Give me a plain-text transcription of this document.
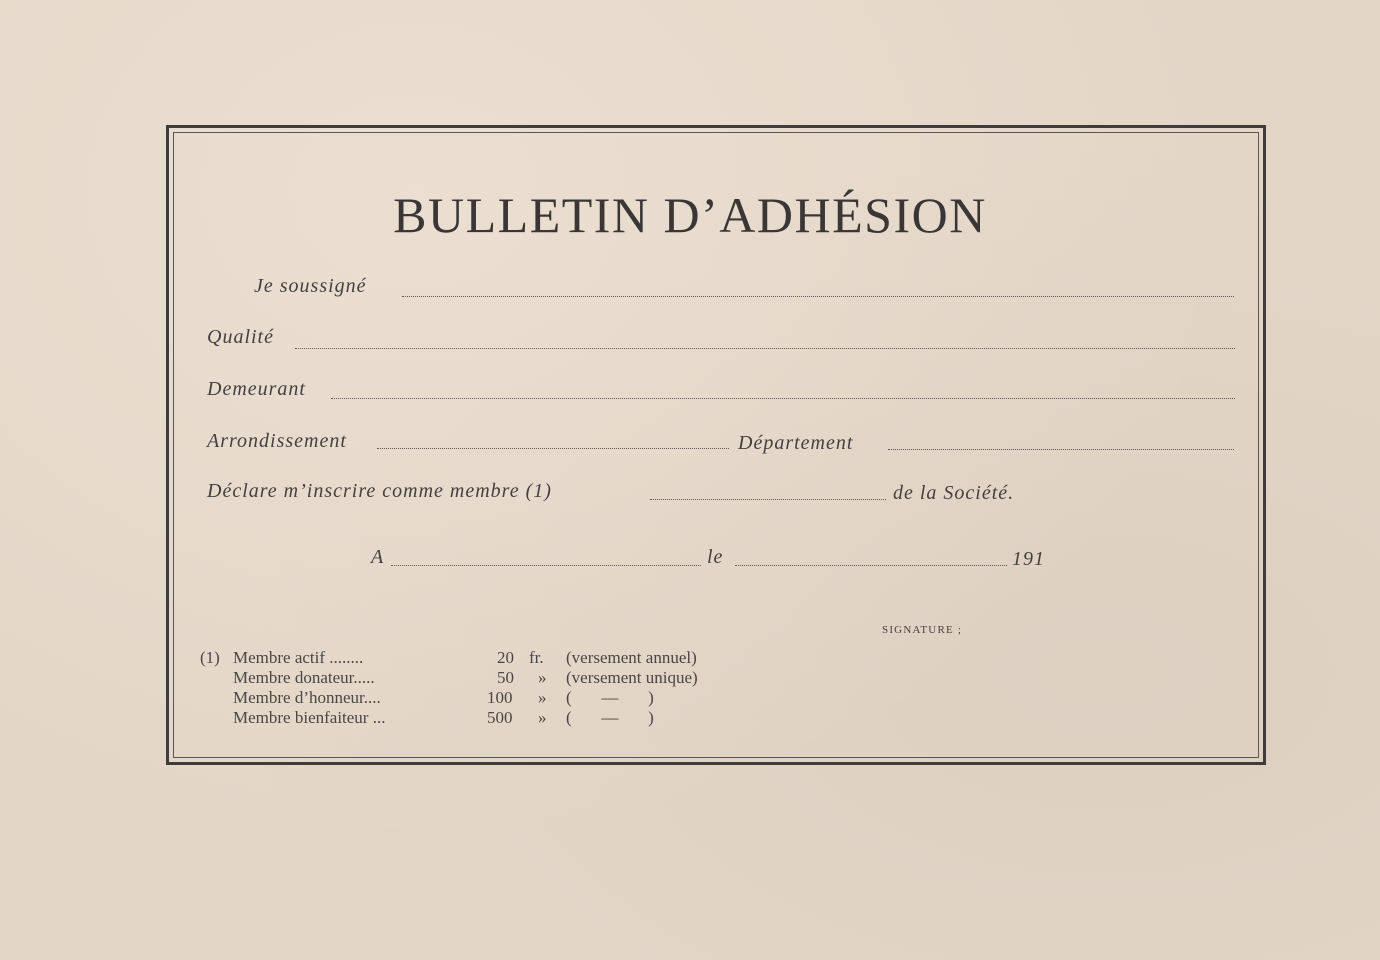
BULLETIN D’ADHÉSION
Je soussigné
Qualité
Demeurant
Arrondissement	Département
Déclare m’inscrire comme membre (1)	de la Société.
A	le	191
SIGNATURE ;
(1) Membre actif ........	20 fr. (versement annuel)
Membre donateur.....	50 » (versement unique)
Membre d’honneur....	100 » (       —       )
Membre bienfaiteur ...	500 » (       —       )
